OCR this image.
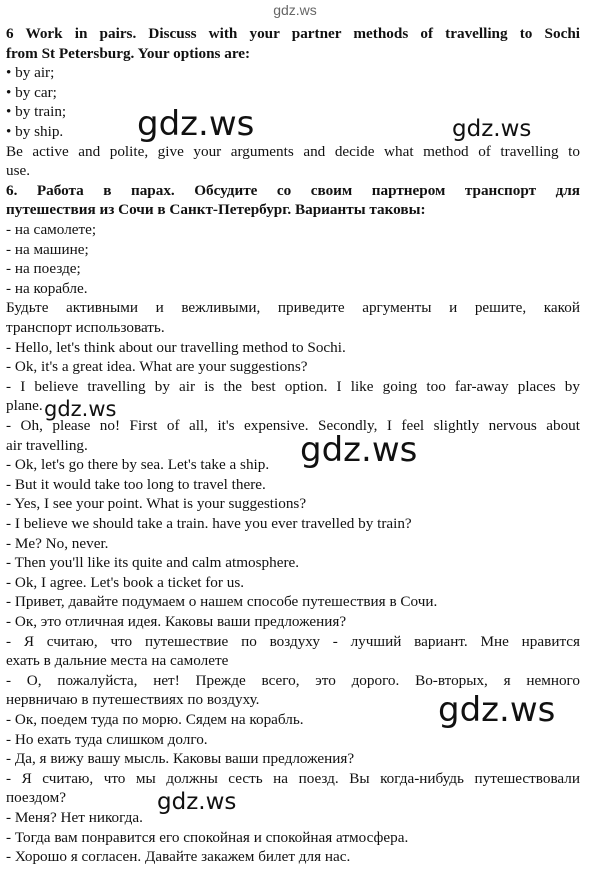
gdz.ws
6 Work in pairs. Discuss with your partner methods of travelling to Sochi
from St Petersburg. Your options are:
• by air;
• by car;
• by train;
• by ship.
Be active and polite, give your arguments and decide what method of travelling to
use.
6. Работа в парах. Обсудите со своим партнером транспорт для
путешествия из Сочи в Санкт-Петербург. Варианты таковы:
- на самолете;
- на машине;
- на поезде;
- на корабле.
Будьте активными и вежливыми, приведите аргументы и решите, какой
транспорт использовать.
- Hello, let's think about our travelling method to Sochi.
- Ok, it's a great idea. What are your suggestions?
- I believe travelling by air is the best option. I like going too far-away places by
plane.
- Oh, please no! First of all, it's expensive. Secondly, I feel slightly nervous about
air travelling.
- Ok, let's go there by sea. Let's take a ship.
- But it would take too long to travel there.
- Yes, I see your point. What is your suggestions?
- I believe we should take a train. have you ever travelled by train?
- Me? No, never.
- Then you'll like its quite and calm atmosphere.
- Ok, I agree. Let's book a ticket for us.
- Привет, давайте подумаем о нашем способе путешествия в Сочи.
- Ок, это отличная идея. Каковы ваши предложения?
- Я считаю, что путешествие по воздуху - лучший вариант. Мне нравится
ехать в дальние места на самолете
- О, пожалуйста, нет! Прежде всего, это дорого. Во-вторых, я немного
нервничаю в путешествиях по воздуху.
- Ок, поедем туда по морю. Сядем на корабль.
- Но ехать туда слишком долго.
- Да, я вижу вашу мысль. Каковы ваши предложения?
- Я считаю, что мы должны сесть на поезд. Вы когда-нибудь путешествовали
поездом?
- Меня? Нет никогда.
- Тогда вам понравится его спокойная и спокойная атмосфера.
- Хорошо я согласен. Давайте закажем билет для нас.
gdz.ws	gdz.ws
gdz.ws
gdz.ws
gdz.ws
gdz.ws
